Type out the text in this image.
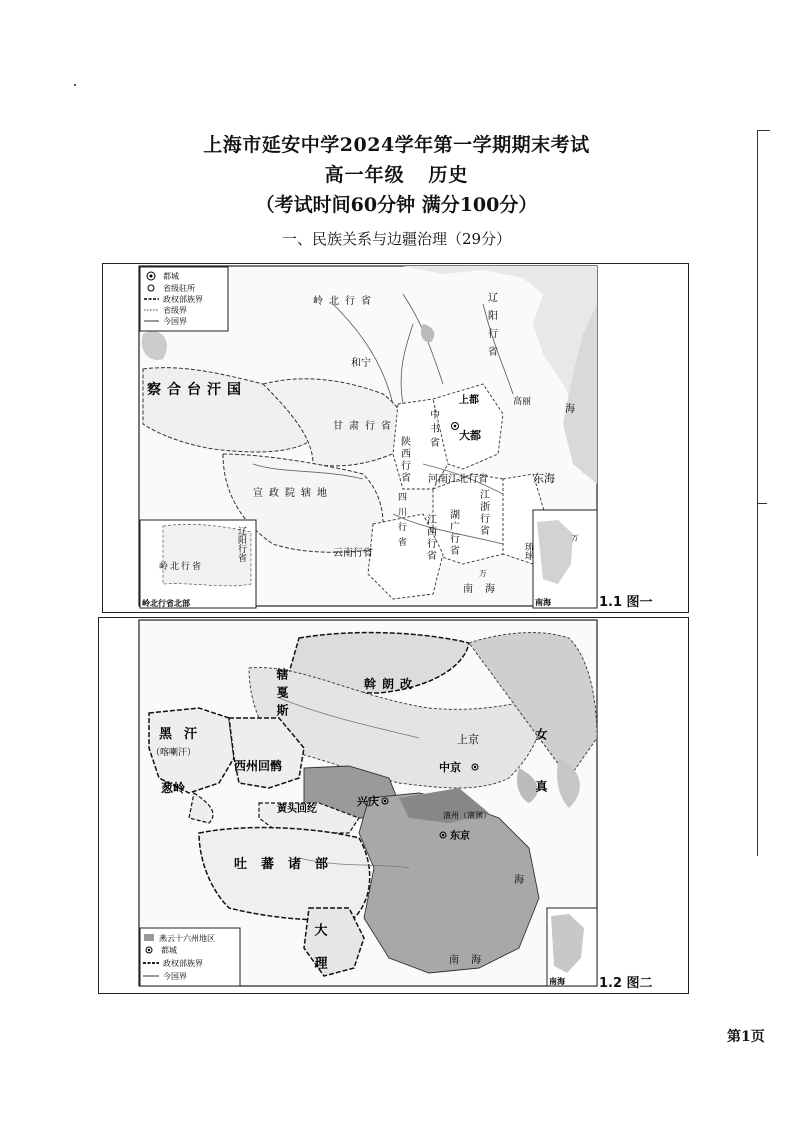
上海市延安中学2024学年第一学期期末考试
高一年级 历史
（考试时间60分钟 满分100分）
一、民族关系与边疆治理（29分）
都城
省级驻所
政权部族界
省级界
今国界
岭北行省	辽阳行省
和宁
察合台汗国
甘肃行省	中书省
上都
大都
陕西行省
宣政院辖地
河南江北行省
四川行省	江浙行省
湖广行省
江西行省
云南行省
东海
海
南海
琉球
万
高丽
岭北行省
辽阳行省
岭北行省北部
万
南海	1.1 图一
辖戛斯	斡朗改
女真
黑汗
（喀喇汗）
西州回鹘
葱岭
上京
中京
兴庆
黄头回纥
澶州（澶渊）
东京
吐蕃诸部
大理
海
南海
燕云十六州地区
都城
政权部族界
今国界	南海	1.2 图二
第1页
